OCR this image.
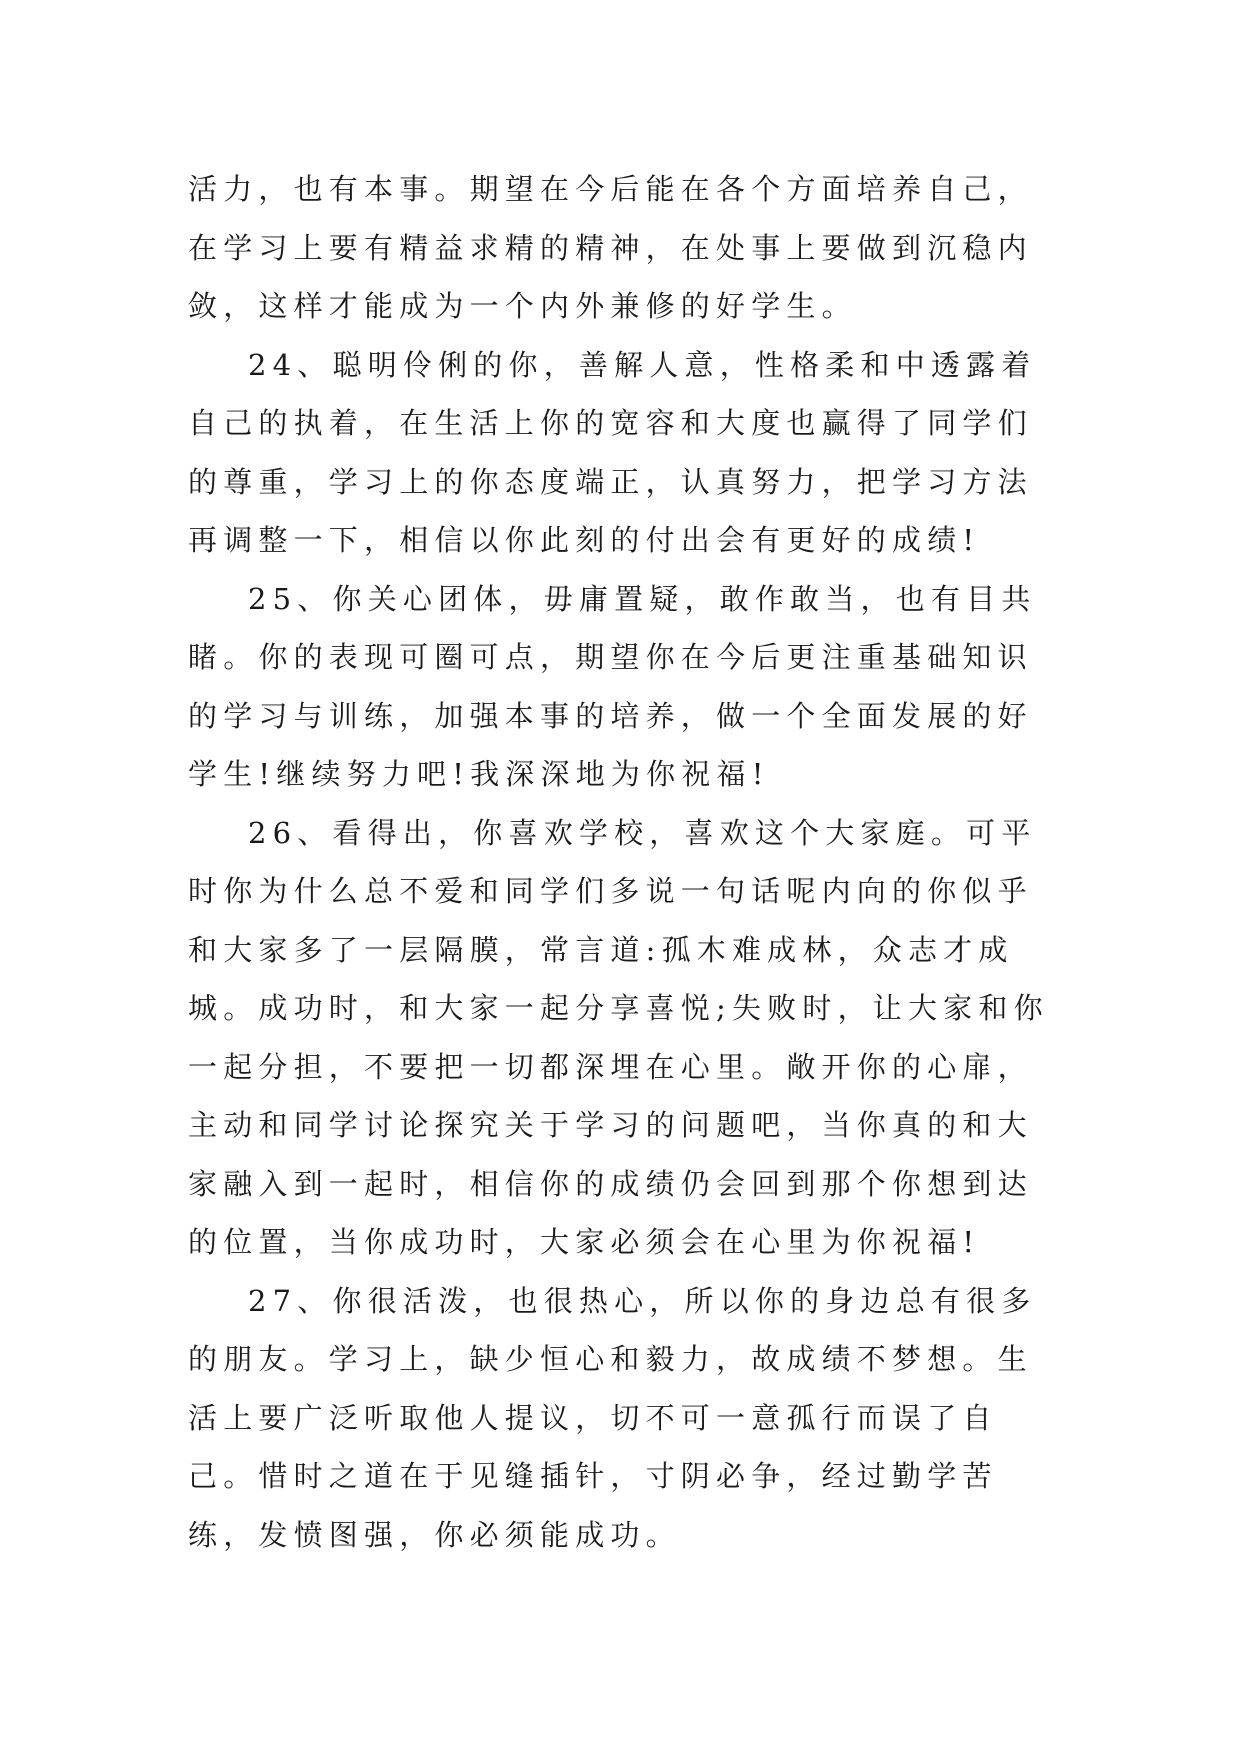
活力，也有本事。期望在今后能在各个方面培养自己，在学习上要有精益求精的精神，在处事上要做到沉稳内敛，这样才能成为一个内外兼修的好学生。

24、聪明伶俐的你，善解人意，性格柔和中透露着自己的执着，在生活上你的宽容和大度也赢得了同学们的尊重，学习上的你态度端正，认真努力，把学习方法再调整一下，相信以你此刻的付出会有更好的成绩!

25、你关心团体，毋庸置疑，敢作敢当，也有目共睹。你的表现可圈可点，期望你在今后更注重基础知识的学习与训练，加强本事的培养，做一个全面发展的好学生!继续努力吧!我深深地为你祝福!

26、看得出，你喜欢学校，喜欢这个大家庭。可平时你为什么总不爱和同学们多说一句话呢内向的你似乎和大家多了一层隔膜，常言道:孤木难成林，众志才成城。成功时，和大家一起分享喜悦;失败时，让大家和你一起分担，不要把一切都深埋在心里。敞开你的心扉，主动和同学讨论探究关于学习的问题吧，当你真的和大家融入到一起时，相信你的成绩仍会回到那个你想到达的位置，当你成功时，大家必须会在心里为你祝福!

27、你很活泼，也很热心，所以你的身边总有很多的朋友。学习上，缺少恒心和毅力，故成绩不梦想。生活上要广泛听取他人提议，切不可一意孤行而误了自己。惜时之道在于见缝插针，寸阴必争，经过勤学苦练，发愤图强，你必须能成功。
